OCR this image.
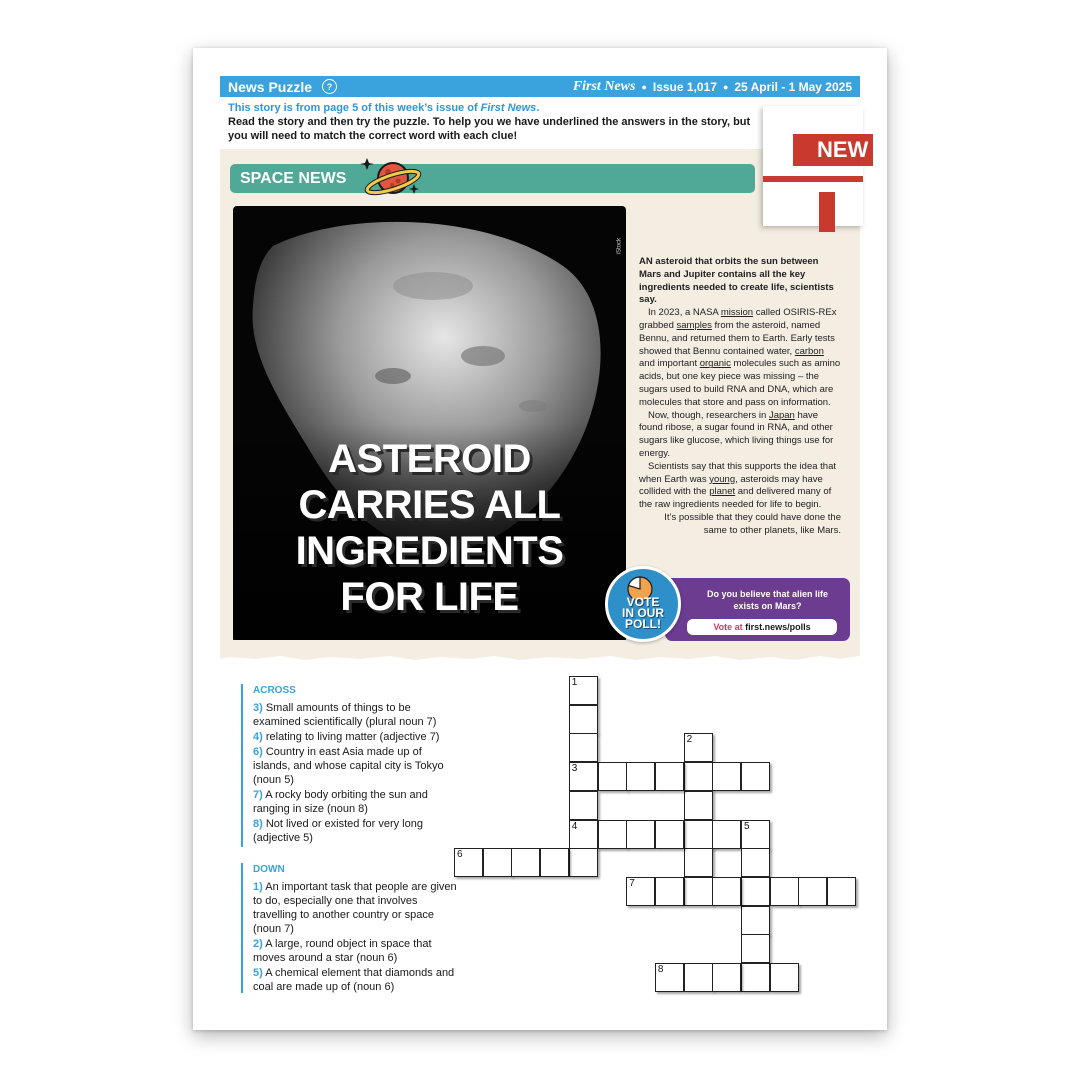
News Puzzle	?	First News ● Issue 1,017 ● 25 April - 1 May 2025
This story is from page 5 of this week’s issue of First News.
Read the story and then try the puzzle. To help you we have underlined the answers in the story, but you will need to match the correct word with each clue!
NEW
SPACE NEWS
iStock
ASTEROID
CARRIES ALL
INGREDIENTS
FOR LIFE

AN asteroid that orbits the sun between Mars and Jupiter contains all the key ingredients needed to create life, scientists say.

In 2023, a NASA mission called OSIRIS-REx grabbed samples from the asteroid, named Bennu, and returned them to Earth. Early tests showed that Bennu contained water, carbon and important organic molecules such as amino acids, but one key piece was missing – the sugars used to build RNA and DNA, which are molecules that store and pass on information.

Now, though, researchers in Japan have found ribose, a sugar found in RNA, and other sugars like glucose, which living things use for energy.

Scientists say that this supports the idea that when Earth was young, asteroids may have collided with the planet and delivered many of the raw ingredients needed for life to begin.

It’s possible that they could have done the same to other planets, like Mars.

Do you believe that alien life exists on Mars?
Vote at first.news/polls
VOTE
IN OUR
POLL!
ACROSS
3) Small amounts of things to be examined scientifically (plural noun 7)
4) relating to living matter (adjective 7)
6) Country in east Asia made up of islands, and whose capital city is Tokyo (noun 5)
7) A rocky body orbiting the sun and ranging in size (noun 8)
8) Not lived or existed for very long (adjective 5)
DOWN
1) An important task that people are given to do, especially one that involves travelling to another country or space (noun 7)
2) A large, round object in space that moves around a star (noun 6)
5) A chemical element that diamonds and coal are made up of (noun 6)
1
3
4
2
5
6
7
8
